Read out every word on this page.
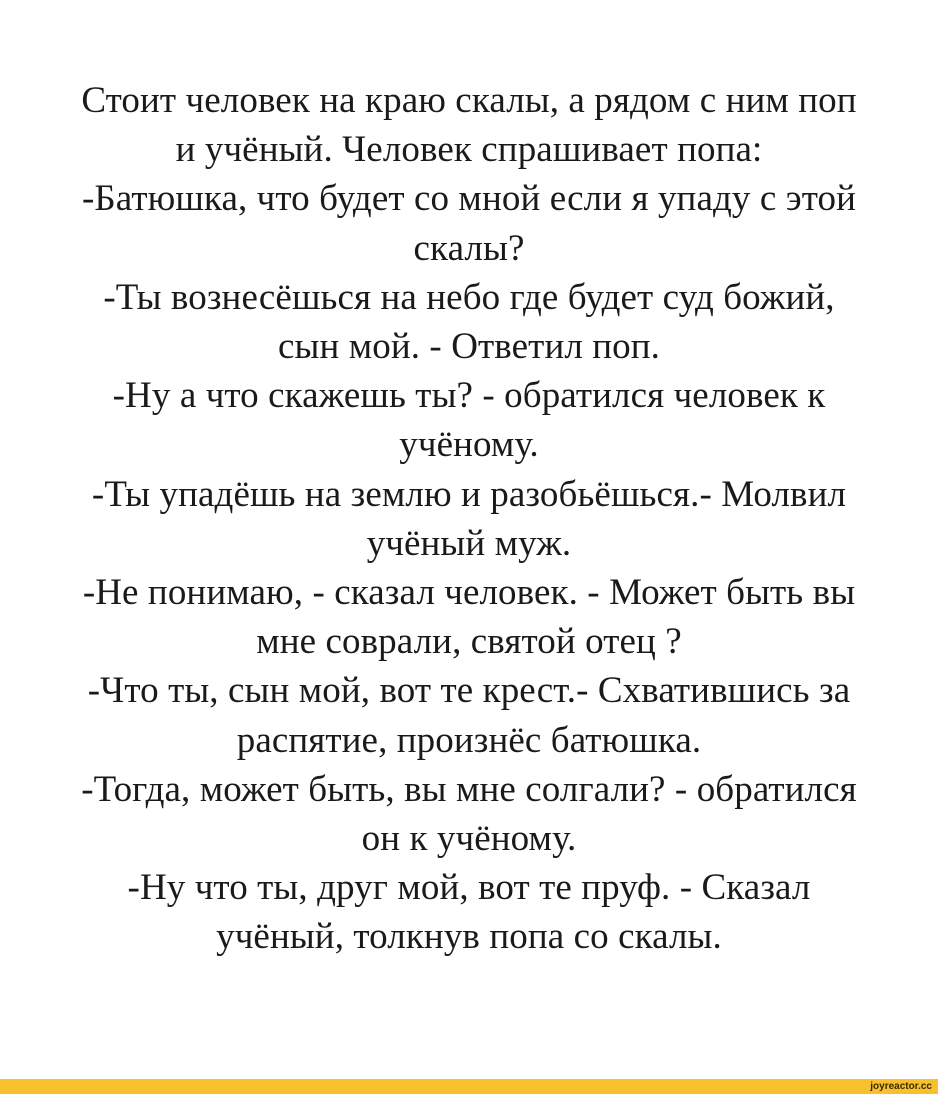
Стоит человек на краю скалы, а рядом с ним поп
и учёный. Человек спрашивает попа:
-Батюшка, что будет со мной если я упаду с этой
скалы?
-Ты вознесёшься на небо где будет суд божий,
сын мой. - Ответил поп.
-Ну а что скажешь ты? - обратился человек к
учёному.
-Ты упадёшь на землю и разобьёшься.- Молвил
учёный муж.
-Не понимаю, - сказал человек. - Может быть вы
мне соврали, святой отец ?
-Что ты, сын мой, вот те крест.- Схватившись за
распятие, произнёс батюшка.
-Тогда, может быть, вы мне солгали? - обратился
он к учёному.
-Ну что ты, друг мой, вот те пруф. - Сказал
учёный, толкнув попа со скалы.
joyreactor.cc
